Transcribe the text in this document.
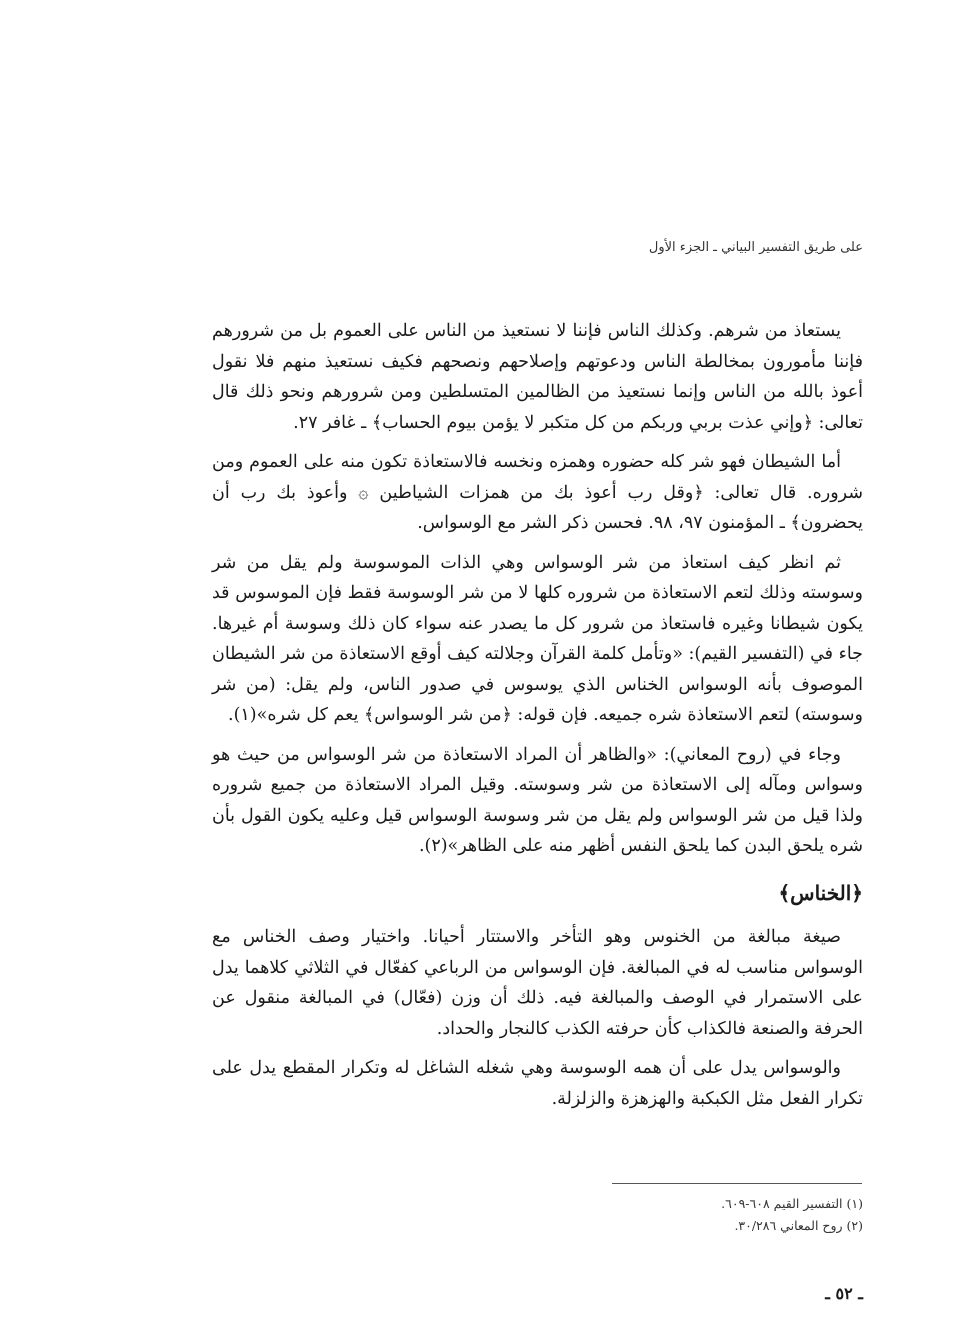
على طريق التفسير البياني ـ الجزء الأول

يستعاذ من شرهم. وكذلك الناس فإننا لا نستعيذ من الناس على العموم بل من شرورهم فإننا مأمورون بمخالطة الناس ودعوتهم وإصلاحهم ونصحهم فكيف نستعيذ منهم فلا نقول أعوذ بالله من الناس وإنما نستعيذ من الظالمين المتسلطين ومن شرورهم ونحو ذلك قال تعالى: ﴿وإني عذت بربي وربكم من كل متكبر لا يؤمن بيوم الحساب﴾ ـ غافر ٢٧.

أما الشيطان فهو شر كله حضوره وهمزه ونخسه فالاستعاذة تكون منه على العموم ومن شروره. قال تعالى: ﴿وقل رب أعوذ بك من همزات الشياطين ۞ وأعوذ بك رب أن يحضرون﴾ ـ المؤمنون ٩٧، ٩٨. فحسن ذكر الشر مع الوسواس.

ثم انظر كيف استعاذ من شر الوسواس وهي الذات الموسوسة ولم يقل من شر وسوسته وذلك لتعم الاستعاذة من شروره كلها لا من شر الوسوسة فقط فإن الموسوس قد يكون شيطانا وغيره فاستعاذ من شرور كل ما يصدر عنه سواء كان ذلك وسوسة أم غيرها. جاء في (التفسير القيم): «وتأمل كلمة القرآن وجلالته كيف أوقع الاستعاذة من شر الشيطان الموصوف بأنه الوسواس الخناس الذي يوسوس في صدور الناس، ولم يقل: (من شر وسوسته) لتعم الاستعاذة شره جميعه. فإن قوله: ﴿من شر الوسواس﴾ يعم كل شره»(١).

وجاء في (روح المعاني): «والظاهر أن المراد الاستعاذة من شر الوسواس من حيث هو وسواس ومآله إلى الاستعاذة من شر وسوسته. وقيل المراد الاستعاذة من جميع شروره ولذا قيل من شر الوسواس ولم يقل من شر وسوسة الوسواس قيل وعليه يكون القول بأن شره يلحق البدن كما يلحق النفس أظهر منه على الظاهر»(٢).

﴿الخناس﴾

صيغة مبالغة من الخنوس وهو التأخر والاستتار أحيانا. واختيار وصف الخناس مع الوسواس مناسب له في المبالغة. فإن الوسواس من الرباعي كفعّال في الثلاثي كلاهما يدل على الاستمرار في الوصف والمبالغة فيه. ذلك أن وزن (فعّال) في المبالغة منقول عن الحرفة والصنعة فالكذاب كأن حرفته الكذب كالنجار والحداد.

والوسواس يدل على أن همه الوسوسة وهي شغله الشاغل له وتكرار المقطع يدل على تكرار الفعل مثل الكبكبة والهزهزة والزلزلة.

(١) التفسير القيم ٦٠٨-٦٠٩.
(٢) روح المعاني ٣٠/٢٨٦.
ـ ٥٢ ـ
